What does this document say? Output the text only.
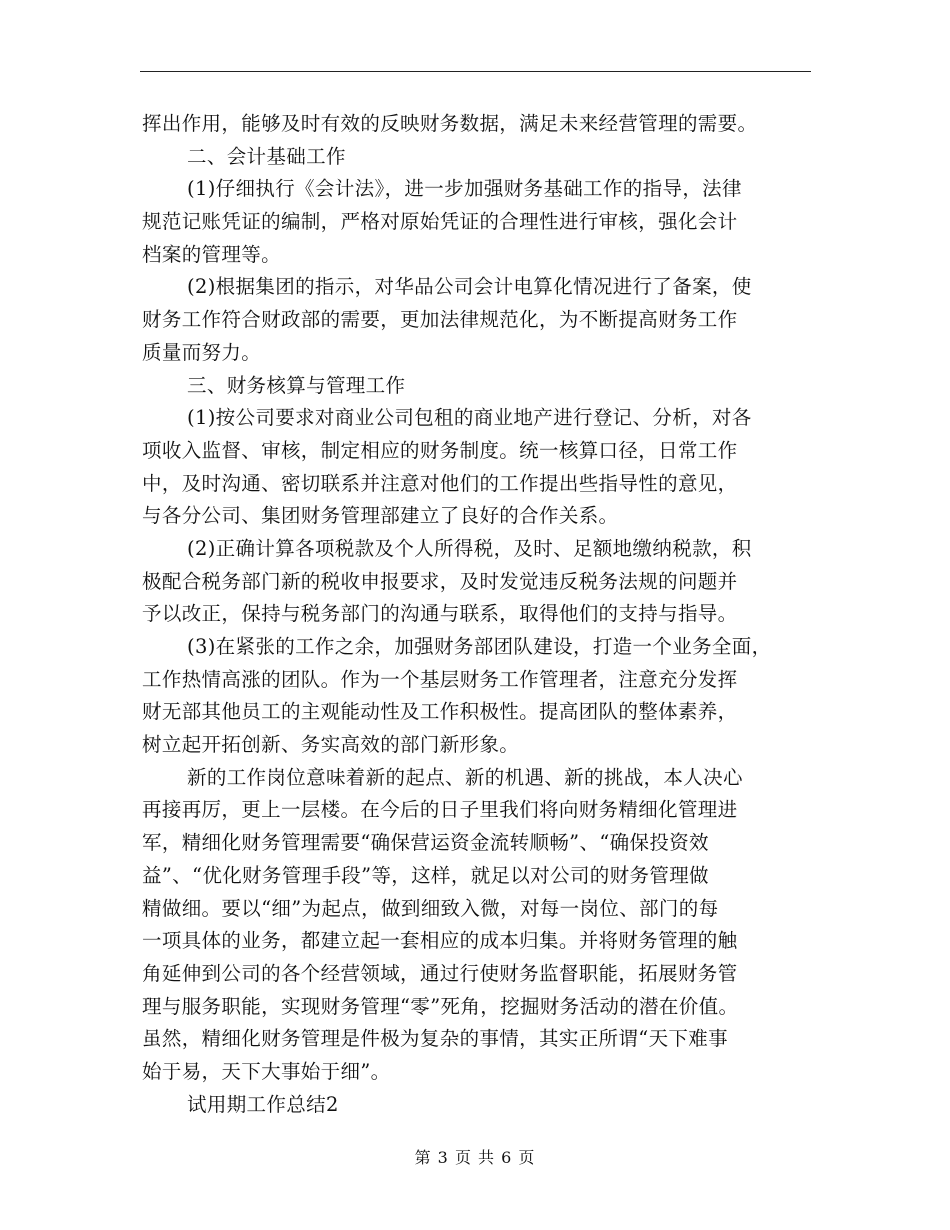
挥出作用，能够及时有效的反映财务数据，满足未来经营管理的需要。
二、会计基础工作
(1)仔细执行《会计法》，进一步加强财务基础工作的指导，法律
规范记账凭证的编制，严格对原始凭证的合理性进行审核，强化会计
档案的管理等。
(2)根据集团的指示，对华品公司会计电算化情况进行了备案，使
财务工作符合财政部的需要，更加法律规范化，为不断提高财务工作
质量而努力。
三、财务核算与管理工作
(1)按公司要求对商业公司包租的商业地产进行登记、分析，对各
项收入监督、审核，制定相应的财务制度。统一核算口径，日常工作
中，及时沟通、密切联系并注意对他们的工作提出些指导性的意见，
与各分公司、集团财务管理部建立了良好的合作关系。
(2)正确计算各项税款及个人所得税，及时、足额地缴纳税款，积
极配合税务部门新的税收申报要求，及时发觉违反税务法规的问题并
予以改正，保持与税务部门的沟通与联系，取得他们的支持与指导。
(3)在紧张的工作之余，加强财务部团队建设，打造一个业务全面，
工作热情高涨的团队。作为一个基层财务工作管理者，注意充分发挥
财无部其他员工的主观能动性及工作积极性。提高团队的整体素养，
树立起开拓创新、务实高效的部门新形象。
新的工作岗位意味着新的起点、新的机遇、新的挑战，本人决心
再接再厉，更上一层楼。在今后的日子里我们将向财务精细化管理进
军，精细化财务管理需要“确保营运资金流转顺畅”、“确保投资效
益”、“优化财务管理手段”等，这样，就足以对公司的财务管理做
精做细。要以“细”为起点，做到细致入微，对每一岗位、部门的每
一项具体的业务，都建立起一套相应的成本归集。并将财务管理的触
角延伸到公司的各个经营领域，通过行使财务监督职能，拓展财务管
理与服务职能，实现财务管理“零”死角，挖掘财务活动的潜在价值。
虽然，精细化财务管理是件极为复杂的事情，其实正所谓“天下难事
始于易，天下大事始于细”。
试用期工作总结2
第 3 页 共 6 页
